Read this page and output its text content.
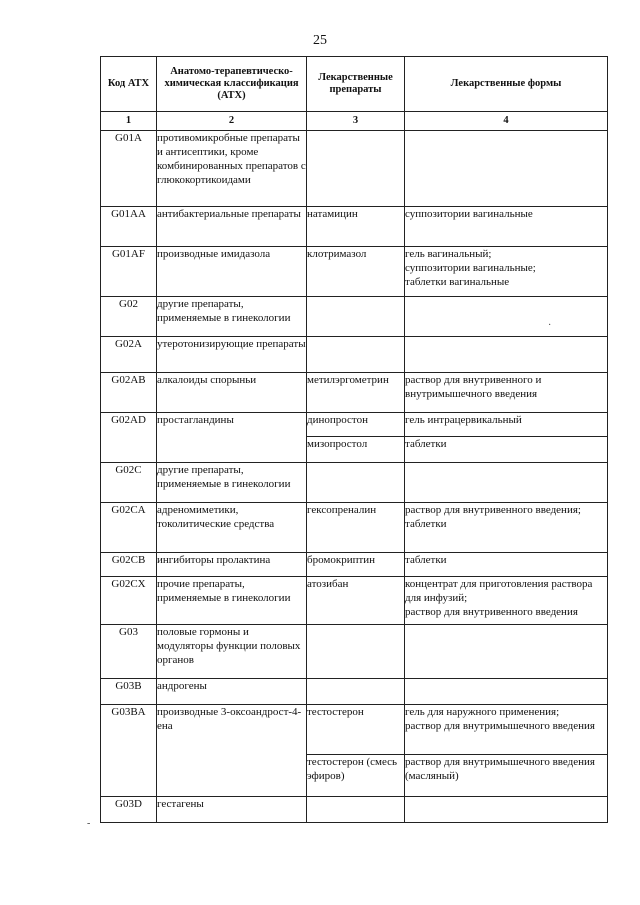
25
Код АТХ	Анатомо-терапевтическо-химическая классификация (АТХ)	Лекарственные препараты	Лекарственные формы
1	2	3	4
G01A	противомикробные препараты и антисептики, кроме комбинированных препаратов с глюкокортикоидами		
G01AA	антибактериальные препараты	натамицин	суппозитории вагинальные
G01AF	производные имидазола	клотримазол	гель вагинальный;
суппозитории вагинальные;
таблетки вагинальные
G02	другие препараты, применяемые в гинекологии		
G02A	утеротонизирующие препараты		
G02AB	алкалоиды спорыньи	метилэргометрин	раствор для внутривенного и внутримышечного введения
G02AD	простагландины	динопростон	гель интрацервикальный
		мизопростол	таблетки
G02C	другие препараты, применяемые в гинекологии		
G02CA	адреномиметики, токолитические средства	гексопреналин	раствор для внутривенного введения;
таблетки
G02CB	ингибиторы пролактина	бромокриптин	таблетки
G02CX	прочие препараты, применяемые в гинекологии	атозибан	концентрат для приготовления раствора для инфузий;
раствор для внутривенного введения
G03	половые гормоны и модуляторы функции половых органов		
G03B	андрогены		
G03BA	производные 3-оксоандрост-4-ена	тестостерон	гель для наружного применения;
раствор для внутримышечного введения
		тестостерон (смесь эфиров)	раствор для внутримышечного введения (масляный)
G03D	гестагены		
·
-
